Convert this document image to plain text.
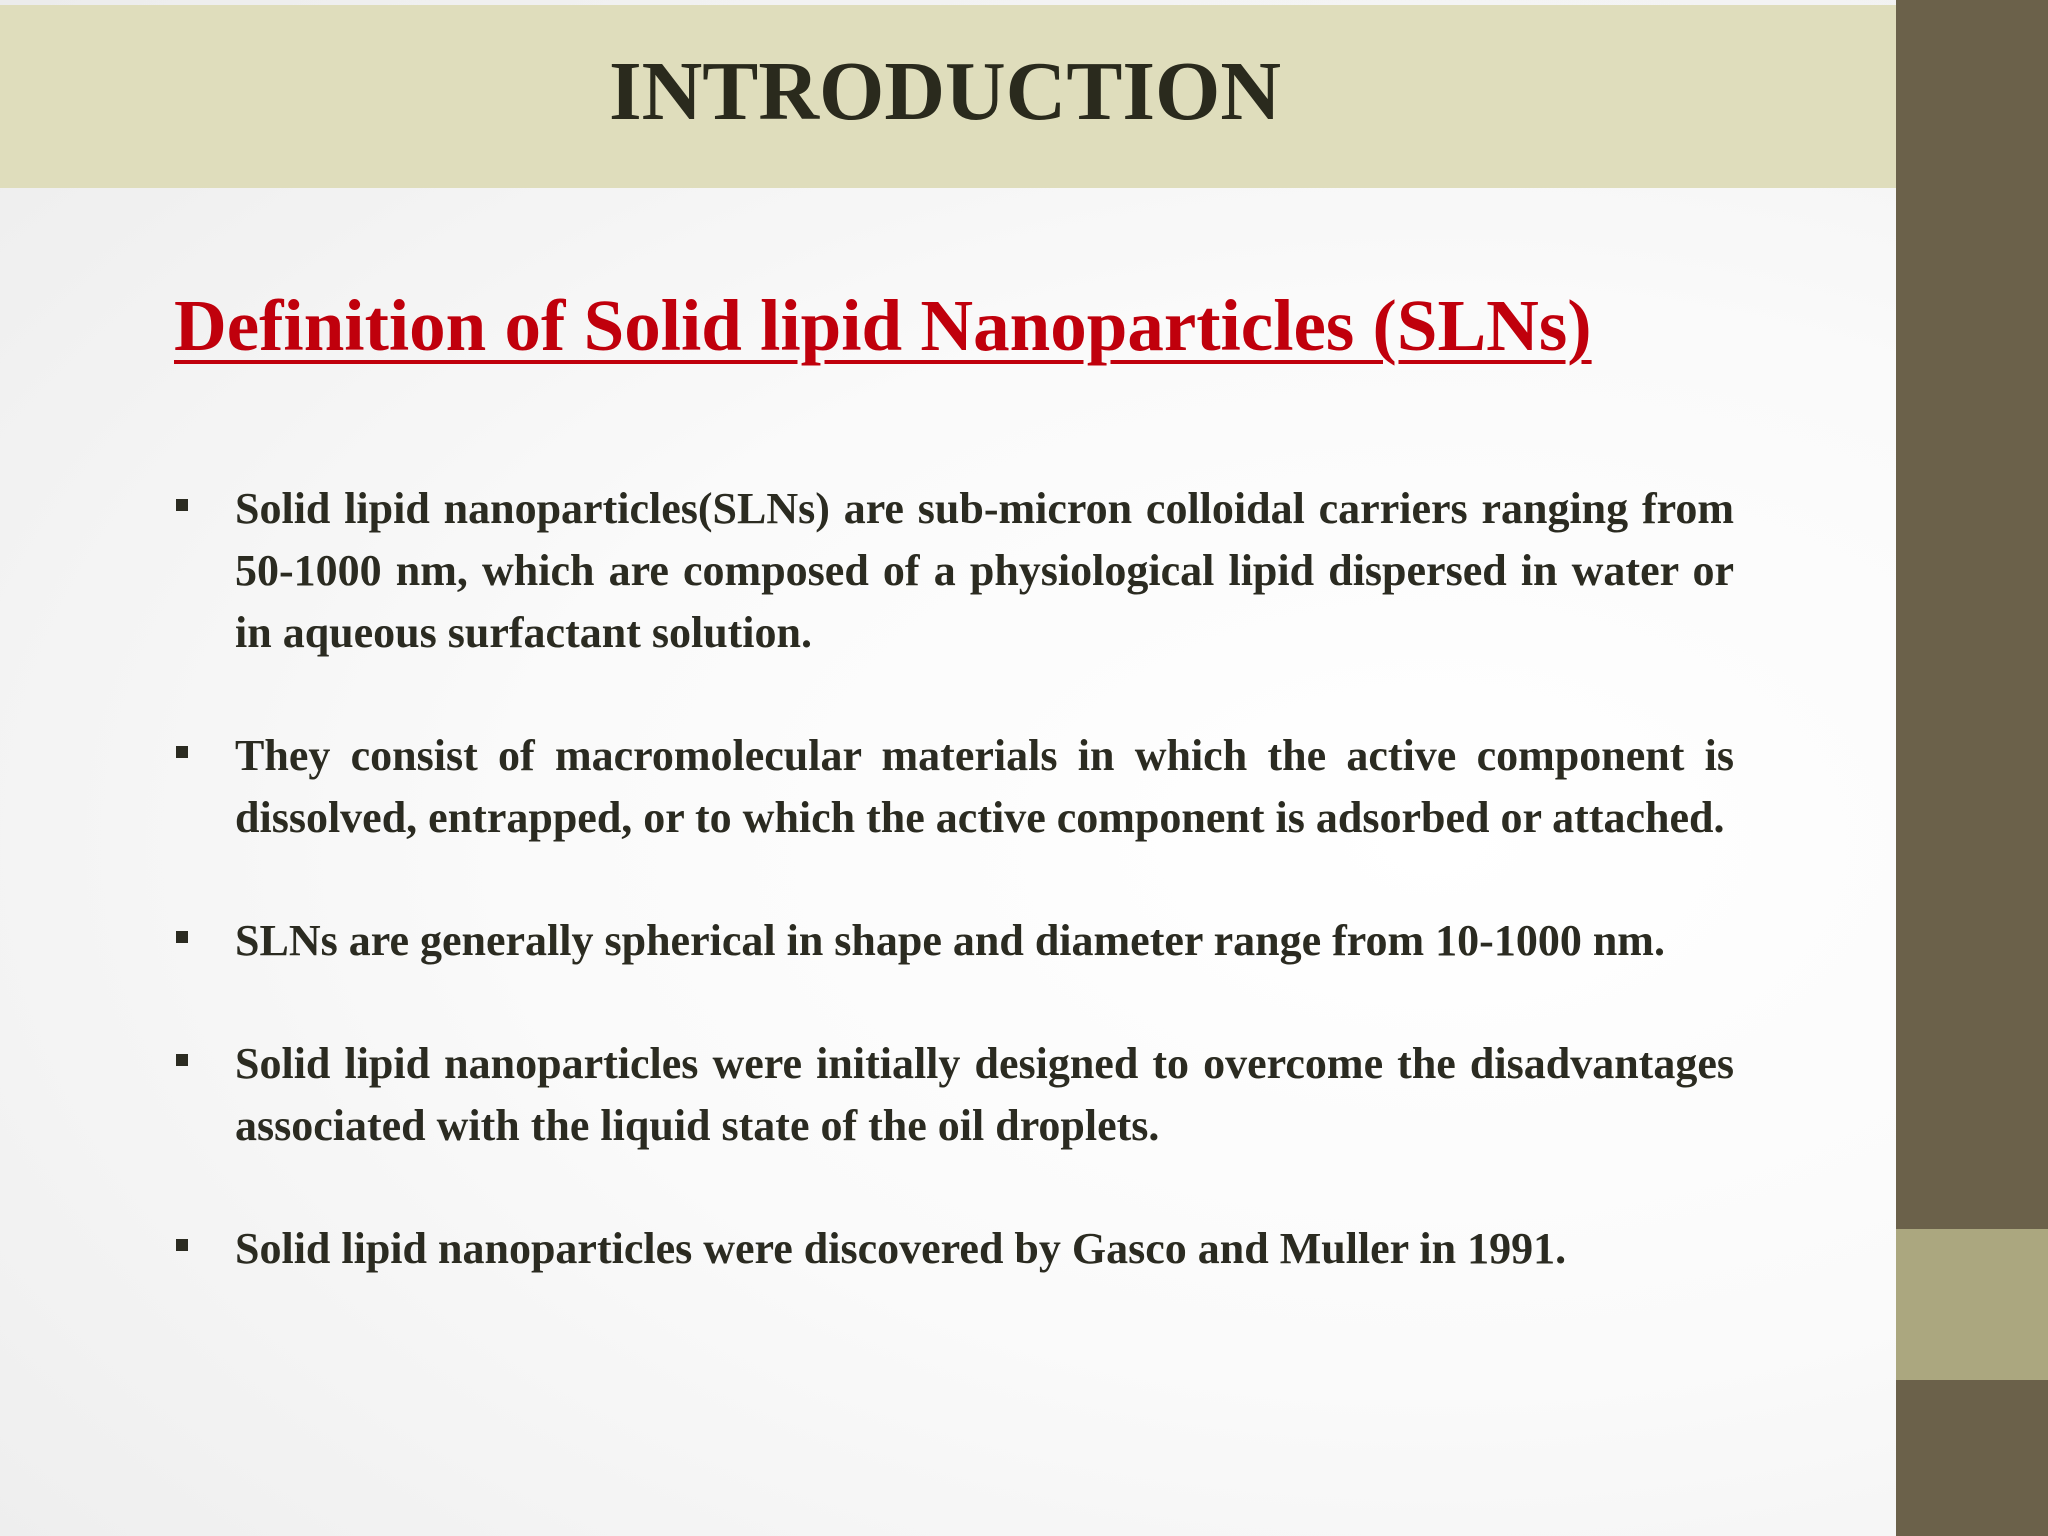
INTRODUCTION
Definition of Solid lipid Nanoparticles (SLNs)
Solid lipid nanoparticles(SLNs) are sub-micron colloidal carriers ranging from 50-1000 nm, which are composed of a physiological lipid dispersed in water or in aqueous surfactant solution.
They consist of macromolecular materials in which the active component is dissolved, entrapped, or to which the active component is adsorbed or attached.
SLNs are generally spherical in shape and diameter range from 10-1000 nm.
Solid lipid nanoparticles were initially designed to overcome the disadvantages associated with the liquid state of the oil droplets.
Solid lipid nanoparticles were discovered by Gasco and Muller in 1991.
